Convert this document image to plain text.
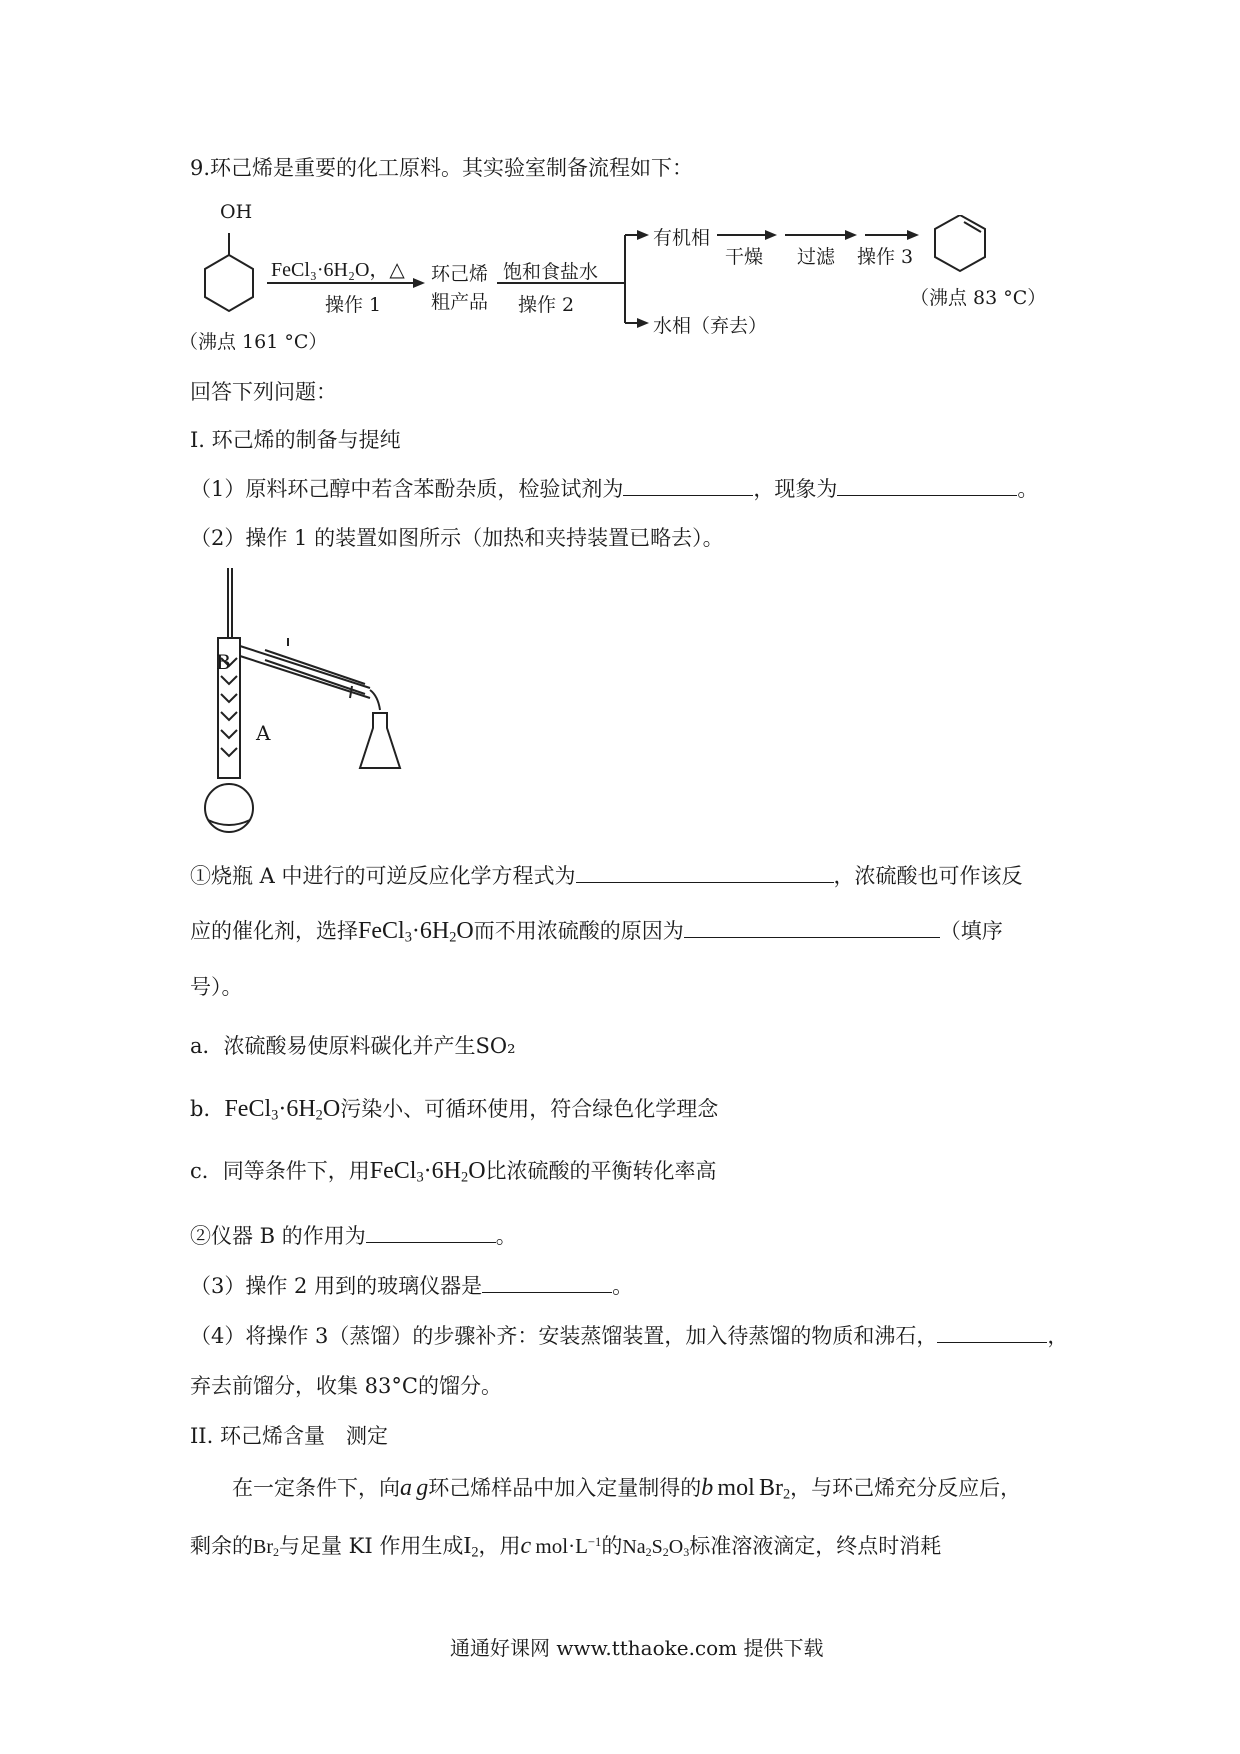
9.环己烯是重要的化工原料。其实验室制备流程如下：
OH
FeCl₃·6H₂O，△
操作 1
环己烯
粗产品
饱和食盐水
操作 2
有机相
水相（弃去）
干燥 过滤 操作 3
（沸点 161 °C）
（沸点 83 °C）
回答下列问题：
I. 环己烯的制备与提纯
（1）原料环己醇中若含苯酚杂质，检验试剂为	，现象为	。
（2）操作 1 的装置如图所示（加热和夹持装置已略去）。
B
A
①烧瓶 A 中进行的可逆反应化学方程式为	，浓硫酸也可作该反
应的催化剂，选择$FeCl_3\cdot 6H_2O$而不用浓硫酸的原因为	（填序
号）。
a．浓硫酸易使原料碳化并产生SO₂
b．$FeCl_3\cdot 6H_2O$污染小、可循环使用，符合绿色化学理念
c．同等条件下，用$FeCl_3\cdot 6H_2O$比浓硫酸的平衡转化率高
②仪器 B 的作用为	。
（3）操作 2 用到的玻璃仪器是	。
（4）将操作 3（蒸馏）的步骤补齐：安装蒸馏装置，加入待蒸馏的物质和沸石，	，
弃去前馏分，收集 83°C的馏分。
II. 环己烯含量　测定
在一定条件下，向a  g环己烯样品中加入定量制得的b  mol  $Br_2$，与环己烯充分反应后，
剩余的$Br_2$与足量 KI 作用生成$I_2$，用c  $mol\cdot L^{-1}$的$Na_2S_2O_3$标准溶液滴定，终点时消耗
通通好课网 www.tthaoke.com 提供下载
